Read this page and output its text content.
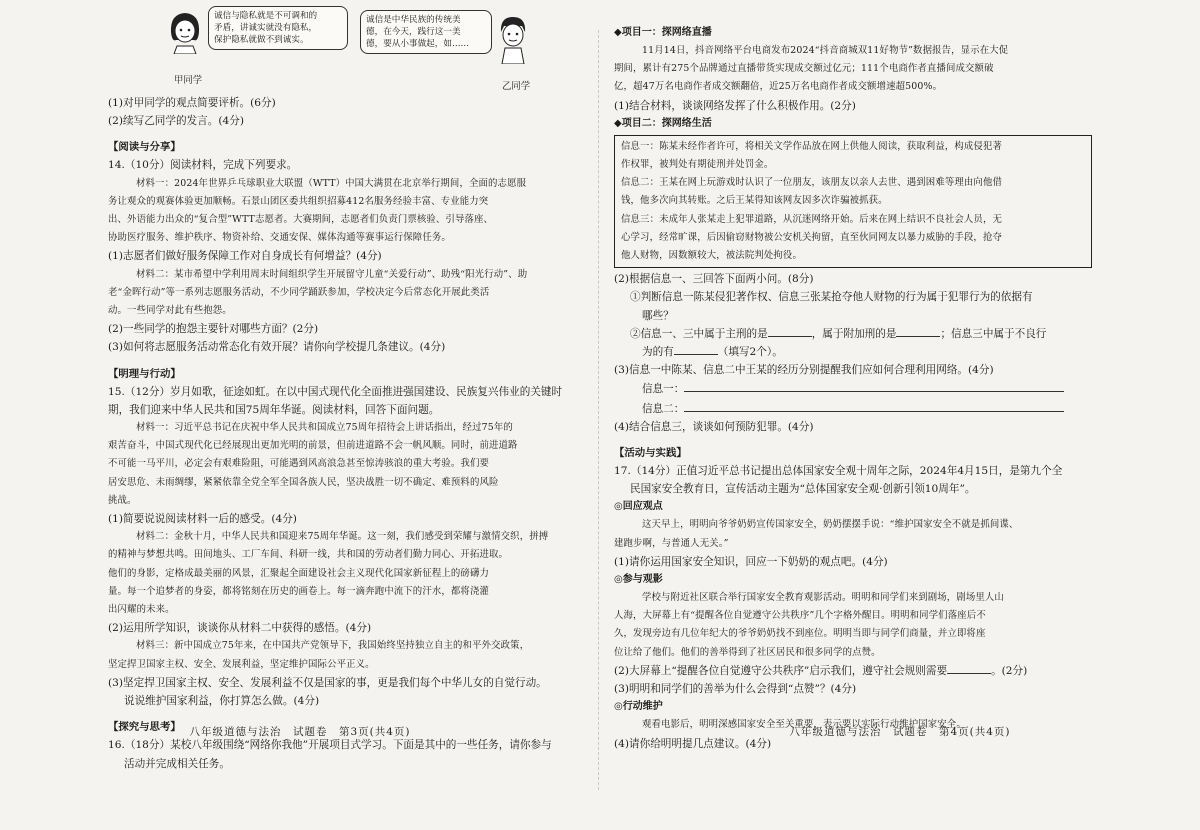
甲同学
诚信与隐私就是不可调和的
矛盾，讲诚实就没有隐私，
保护隐私就做不到诚实。
诚信是中华民族的传统美
德，在今天，践行这一美
德，要从小事做起，如……
乙同学
(1)对甲同学的观点简要评析。(6分)
(2)续写乙同学的发言。(4分)
【阅读与分享】
14.（10分）阅读材料，完成下列要求。
材料一：2024年世界乒乓球职业大联盟（WTT）中国大满贯在北京举行期间，全面的志愿服
务让观众的观赛体验更加顺畅。石景山团区委共组织招募412名服务经验丰富、专业能力突
出、外语能力出众的“复合型”WTT志愿者。大赛期间，志愿者们负责门票核验、引导落座、
协助医疗服务、维护秩序、物资补给、交通安保、媒体沟通等赛事运行保障任务。
(1)志愿者们做好服务保障工作对自身成长有何增益？(4分)
材料二：某市希望中学利用周末时间组织学生开展留守儿童“关爱行动”、助残“阳光行动”、助
老“金晖行动”等一系列志愿服务活动，不少同学踊跃参加，学校决定今后常态化开展此类活
动。一些同学对此有些抱怨。
(2)一些同学的抱怨主要针对哪些方面？(2分)
(3)如何将志愿服务活动常态化有效开展？请你向学校提几条建议。(4分)
【明理与行动】
15.（12分）岁月如歌，征途如虹。在以中国式现代化全面推进强国建设、民族复兴伟业的关键时
期，我们迎来中华人民共和国75周年华诞。阅读材料，回答下面问题。
材料一：习近平总书记在庆祝中华人民共和国成立75周年招待会上讲话指出，经过75年的
艰苦奋斗，中国式现代化已经展现出更加光明的前景，但前进道路不会一帆风顺。同时，前进道路
不可能一马平川，必定会有艰难险阻，可能遇到风高浪急甚至惊涛骇浪的重大考验。我们要
居安思危、未雨绸缪，紧紧依靠全党全军全国各族人民，坚决战胜一切不确定、难预料的风险
挑战。
(1)简要说说阅读材料一后的感受。(4分)
材料二：金秋十月，中华人民共和国迎来75周年华诞。这一刻，我们感受到荣耀与激情交织，拼搏
的精神与梦想共鸣。田间地头、工厂车间、科研一线，共和国的劳动者们勤力同心、开拓进取。
他们的身影，定格成最美丽的风景，汇聚起全面建设社会主义现代化国家新征程上的磅礴力
量。每一个追梦者的身姿，都将铭刻在历史的画卷上。每一滴奔跑中流下的汗水，都将浇灌
出闪耀的未来。
(2)运用所学知识，谈谈你从材料二中获得的感悟。(4分)
材料三：新中国成立75年来，在中国共产党领导下，我国始终坚持独立自主的和平外交政策，
坚定捍卫国家主权、安全、发展利益，坚定维护国际公平正义。
(3)坚定捍卫国家主权、安全、发展利益不仅是国家的事，更是我们每个中华儿女的自觉行动。
说说维护国家利益，你打算怎么做。(4分)
【探究与思考】
16.（18分）某校八年级围绕“网络你我他”开展项目式学习。下面是其中的一些任务，请你参与
活动并完成相关任务。
八年级道德与法治　试题卷　第3页(共4页)
◆项目一：探网络直播
11月14日，抖音网络平台电商发布2024“抖音商城双11好物节”数据报告，显示在大促
期间，累计有275个品牌通过直播带货实现成交额过亿元；111个电商作者直播间成交额破
亿，超47万名电商作者成交额翻倍，近25万名电商作者成交额增速超500%。
(1)结合材料，谈谈网络发挥了什么积极作用。(2分)
◆项目二：探网络生活
信息一：陈某未经作者许可，将相关文学作品放在网上供他人阅读，获取利益，构成侵犯著
作权罪，被判处有期徒刑并处罚金。
信息二：王某在网上玩游戏时认识了一位朋友，该朋友以亲人去世、遇到困难等理由向他借
钱，他多次向其转账。之后王某得知该网友因多次诈骗被抓获。
信息三：未成年人张某走上犯罪道路，从沉迷网络开始。后来在网上结识不良社会人员，无
心学习，经常旷课，后因偷窃财物被公安机关拘留，直至伙同网友以暴力威胁的手段，抢夺
他人财物，因数额较大，被法院判处拘役。
(2)根据信息一、三回答下面两小问。(8分)
①判断信息一陈某侵犯著作权、信息三张某抢夺他人财物的行为属于犯罪行为的依据有
哪些？
②信息一、三中属于主刑的是	，属于附加刑的是	；信息三中属于不良行
为的有	（填写2个）。
(3)信息一中陈某、信息二中王某的经历分别提醒我们应如何合理利用网络。(4分)
信息一：
信息二：
(4)结合信息三，谈谈如何预防犯罪。(4分)
【活动与实践】
17.（14分）正值习近平总书记提出总体国家安全观十周年之际，2024年4月15日，是第九个全
民国家安全教育日，宣传活动主题为“总体国家安全观·创新引领10周年”。
◎回应观点
这天早上，明明向爷爷奶奶宣传国家安全，奶奶摆摆手说：“维护国家安全不就是抓间谍、
建跑步啊，与普通人无关。”
(1)请你运用国家安全知识，回应一下奶奶的观点吧。(4分)
◎参与观影
学校与附近社区联合举行国家安全教育观影活动。明明和同学们来到剧场，剧场里人山
人海，大屏幕上有“提醒各位自觉遵守公共秩序”几个字格外醒目。明明和同学们落座后不
久，发现旁边有几位年纪大的爷爷奶奶找不到座位。明明当即与同学们商量，并立即将座
位让给了他们。他们的善举得到了社区居民和很多同学的点赞。
(2)大屏幕上“提醒各位自觉遵守公共秩序”启示我们，遵守社会规则需要	。(2分)
(3)明明和同学们的善举为什么会得到“点赞”？(4分)
◎行动维护
观看电影后，明明深感国家安全至关重要，表示要以实际行动维护国家安全。
(4)请你给明明提几点建议。(4分)
八年级道德与法治　试题卷　第4页(共4页)
